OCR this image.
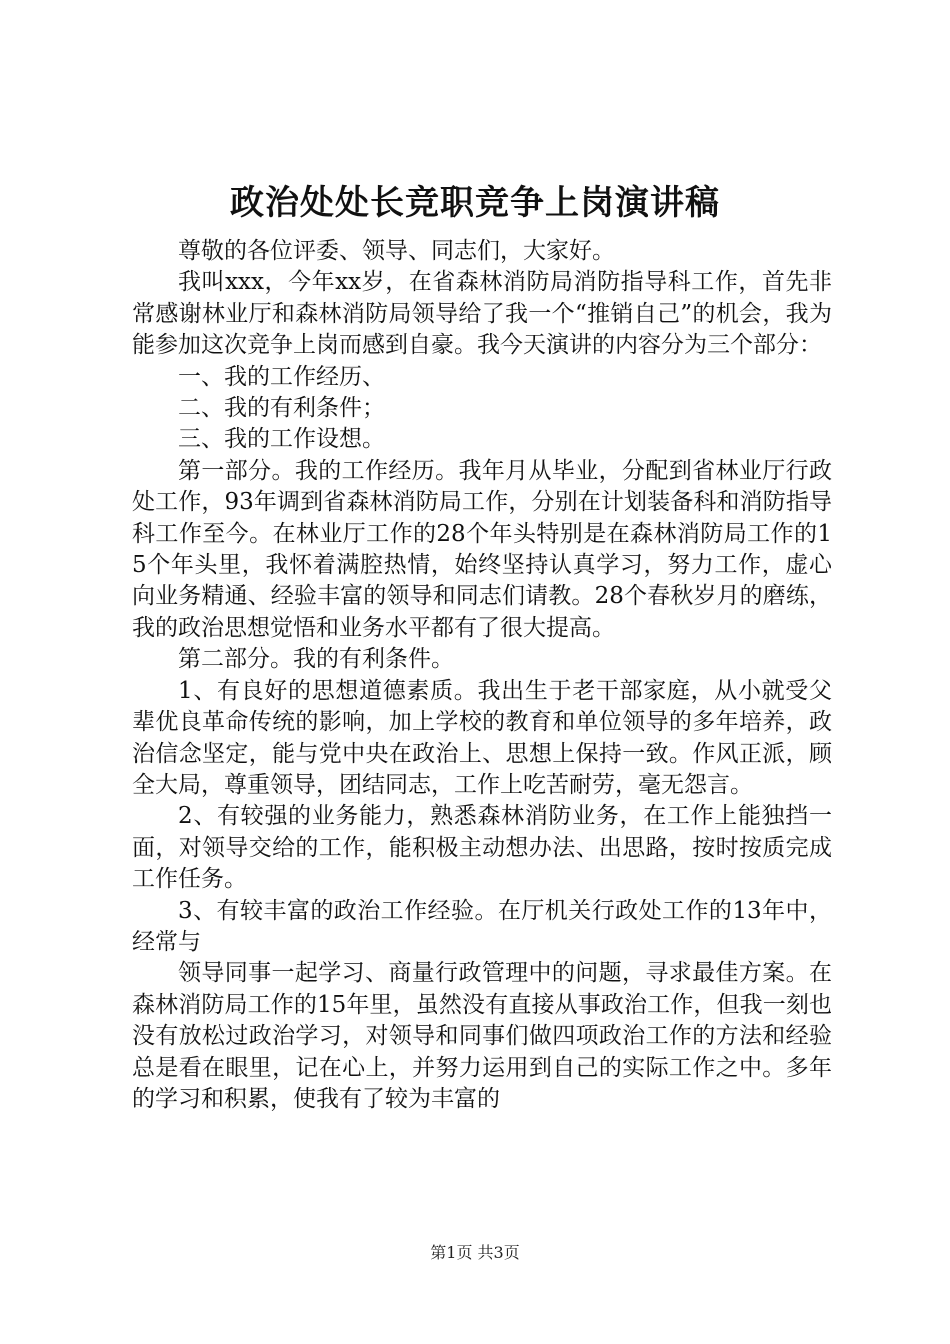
政治处处长竞职竞争上岗演讲稿

尊敬的各位评委、领导、同志们，大家好。

我叫xxx，今年xx岁，在省森林消防局消防指导科工作，首先非常感谢林业厅和森林消防局领导给了我一个“推销自己”的机会，我为能参加这次竞争上岗而感到自豪。我今天演讲的内容分为三个部分：

一、我的工作经历、

二、我的有利条件；

三、我的工作设想。

第一部分。我的工作经历。我年月从毕业，分配到省林业厅行政处工作，93年调到省森林消防局工作，分别在计划装备科和消防指导科工作至今。在林业厅工作的28个年头特别是在森林消防局工作的15个年头里，我怀着满腔热情，始终坚持认真学习，努力工作，虚心向业务精通、经验丰富的领导和同志们请教。28个春秋岁月的磨练，我的政治思想觉悟和业务水平都有了很大提高。

第二部分。我的有利条件。

1、有良好的思想道德素质。我出生于老干部家庭，从小就受父辈优良革命传统的影响，加上学校的教育和单位领导的多年培养，政治信念坚定，能与党中央在政治上、思想上保持一致。作风正派，顾全大局，尊重领导，团结同志，工作上吃苦耐劳，毫无怨言。

2、有较强的业务能力，熟悉森林消防业务，在工作上能独挡一面，对领导交给的工作，能积极主动想办法、出思路，按时按质完成工作任务。

3、有较丰富的政治工作经验。在厅机关行政处工作的13年中，经常与

领导同事一起学习、商量行政管理中的问题，寻求最佳方案。在森林消防局工作的15年里，虽然没有直接从事政治工作，但我一刻也没有放松过政治学习，对领导和同事们做四项政治工作的方法和经验总是看在眼里，记在心上，并努力运用到自己的实际工作之中。多年的学习和积累，使我有了较为丰富的

第1页 共3页
